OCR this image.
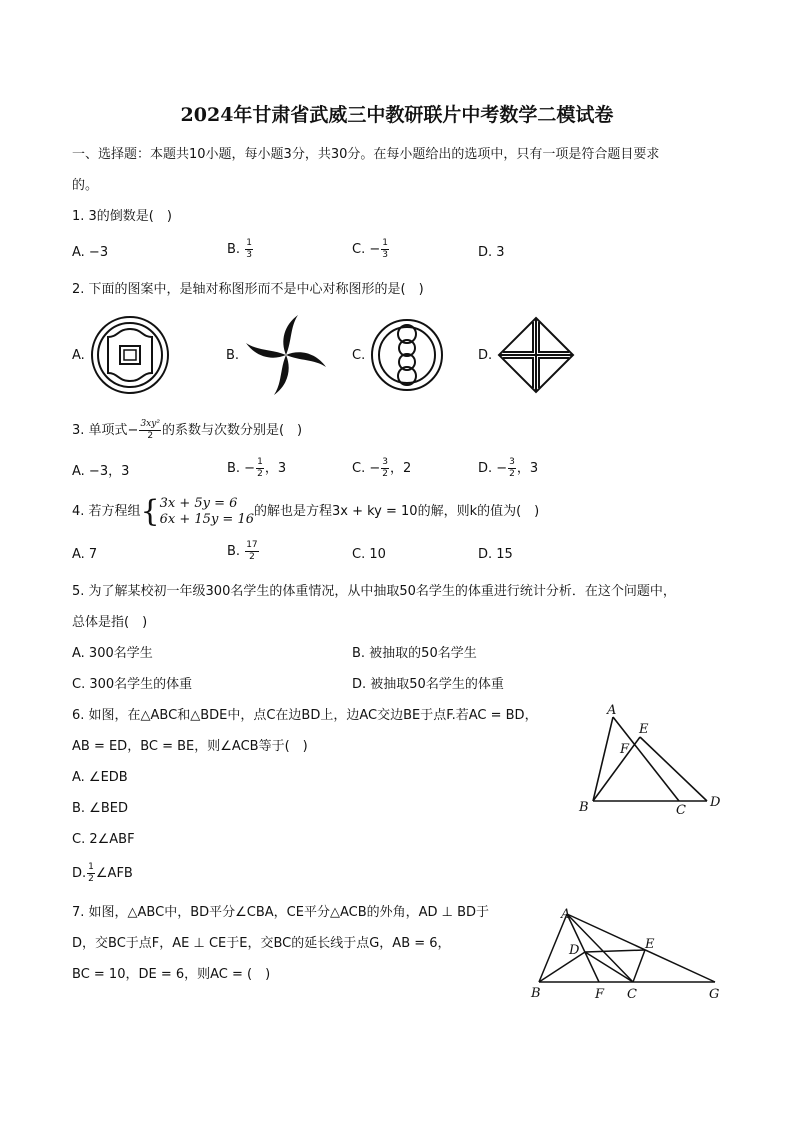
2024年甘肃省武威三中教研联片中考数学二模试卷
一、选择题：本题共10小题，每小题3分，共30分。在每小题给出的选项中，只有一项是符合题目要求
的。
1. 3的倒数是(　)
A. −3	B. $\frac{1}{3}$	C. − $\frac{1}{3}$	D. 3
2. 下面的图案中，是轴对称图形而不是中心对称图形的是(　)
A.	B.	C.	D.
3. 单项式− $\frac{\text{3xy²}}{2}$ 的系数与次数分别是(　)
A. −3，3	B. − $\frac{1}{2}$ ，3	C. − $\frac{3}{2}$ ，2	D. − $\frac{3}{2}$ ，3
4. 若方程组{ 3x + 5y = 6
6x + 15y = 16 的解也是方程3x + ky = 10的解，则k的值为(　)
A. 7	B. $\frac{17}{2}$	C. 10	D. 15
5. 为了解某校初一年级300名学生的体重情况，从中抽取50名学生的体重进行统计分析．在这个问题中，
总体是指(　)
A. 300名学生	B. 被抽取的50名学生
C. 300名学生的体重	D. 被抽取50名学生的体重
6. 如图，在△ABC和△BDE中，点C在边BD上，边AC交边BE于点F.若AC = BD，
AB = ED，BC = BE，则∠ACB等于(　)
A. ∠EDB
B. ∠BED
C. 2∠ABF
D. $\frac{1}{2}$ ∠AFB
A
E
F
B	C
D
7. 如图，△ABC中，BD平分∠CBA，CE平分△ACB的外角，AD ⊥ BD于
D，交BC于点F，AE ⊥ CE于E，交BC的延长线于点G，AB = 6，
BC = 10，DE = 6，则AC = (　)
A
D	E
B	F C	G
